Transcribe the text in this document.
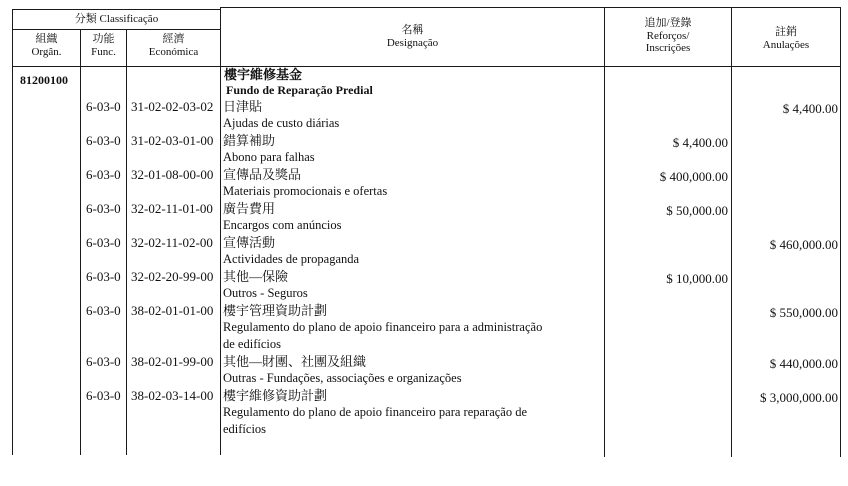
分類 Classificação
組織
Orgân.
功能
Func.
經濟
Económica
名稱
Designação
追加/登錄
Reforços/
Inscrições
註銷
Anulações
81200100	樓宇維修基金
Fundo de Reparação Predial
6-03-0 31-02-02-03-02 日津貼
Ajudas de custo diárias
$ 4,400.00
6-03-0 31-02-03-01-00 錯算補助
Abono para falhas
$ 4,400.00
6-03-0 32-01-08-00-00 宣傳品及獎品
Materiais promocionais e ofertas
$ 400,000.00
6-03-0 32-02-11-01-00 廣告費用
Encargos com anúncios
$ 50,000.00
6-03-0 32-02-11-02-00 宣傳活動
Actividades de propaganda
$ 460,000.00
6-03-0 32-02-20-99-00 其他—保險
Outros - Seguros
$ 10,000.00
6-03-0 38-02-01-01-00 樓宇管理資助計劃
Regulamento do plano de apoio financeiro para a administração
de edifícios
$ 550,000.00
6-03-0 38-02-01-99-00 其他—財團、社團及組織
Outras - Fundações, associações e organizações
$ 440,000.00
6-03-0 38-02-03-14-00 樓宇維修資助計劃
Regulamento do plano de apoio financeiro para reparação de
edifícios
$ 3,000,000.00
